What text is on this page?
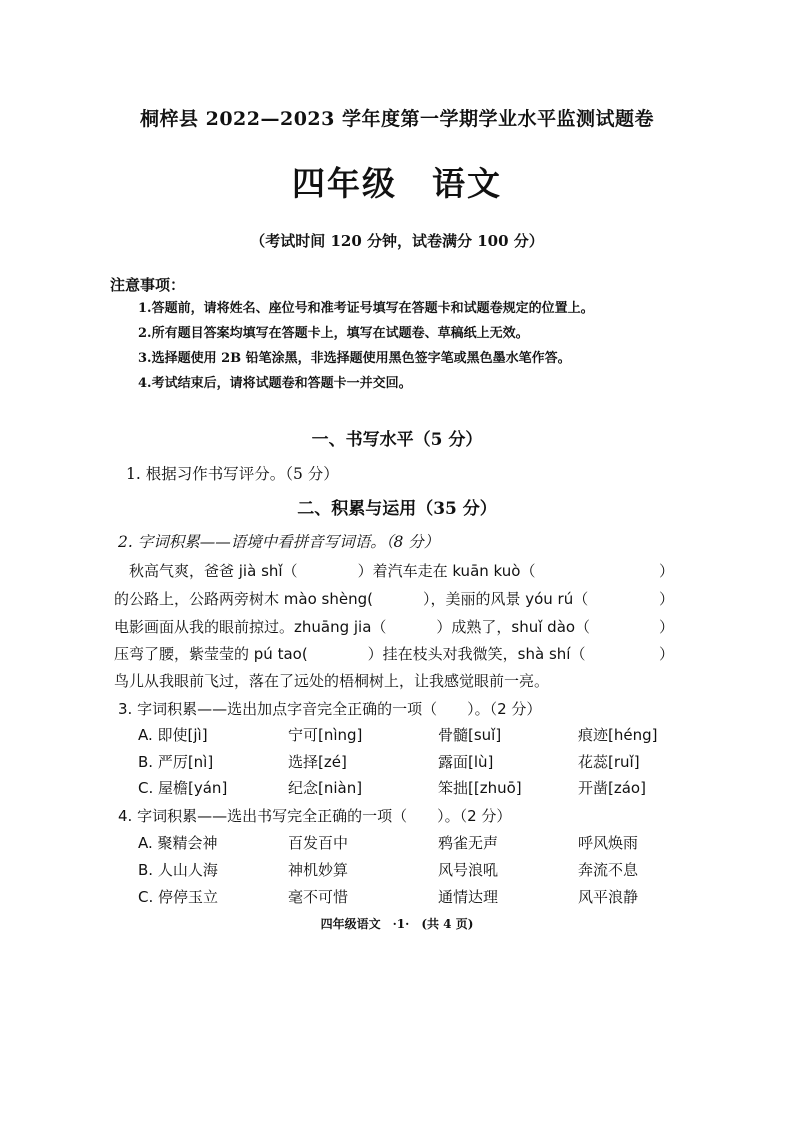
桐梓县 2022—2023 学年度第一学期学业水平监测试题卷
四年级　语文
（考试时间 120 分钟，试卷满分 100 分）
注意事项：
1.答题前，请将姓名、座位号和准考证号填写在答题卡和试题卷规定的位置上。
2.所有题目答案均填写在答题卡上，填写在试题卷、草稿纸上无效。
3.选择题使用 2B 铅笔涂黑，非选择题使用黑色签字笔或黑色墨水笔作答。
4.考试结束后，请将试题卷和答题卡一并交回。
一、书写水平（5 分）
1. 根据习作书写评分。（5 分）
二、积累与运用（35 分）
2. 字词积累——语境中看拼音写词语。（8 分）
　秋高气爽，爸爸 jià shǐ（	）着汽车走在 kuān kuò（	）
的公路上，公路两旁树木 mào shèng(	），美丽的风景 yóu rú（	）
电影画面从我的眼前掠过。zhuāng jia（	）成熟了，shuǐ dào（	）
压弯了腰，紫莹莹的 pú tao(	）挂在枝头对我微笑，shà shí（	）
鸟儿从我眼前飞过，落在了远处的梧桐树上，让我感觉眼前一亮。
3. 字词积累——选出加点字音完全正确的一项（　　）。（2 分）
A. 即使[jì]	宁可[nìng]	骨髓[suǐ]	痕迹[héng]
B. 严厉[nì]	选择[zé]	露面[lù]	花蕊[ruǐ]
C. 屋檐[yán]	纪念[niàn]	笨拙[[zhuō]	开凿[záo]
4. 字词积累——选出书写完全正确的一项（　　）。（2 分）
A. 聚精会神	百发百中	鸦雀无声	呼风焕雨
B. 人山人海	神机妙算	风号浪吼	奔流不息
C. 停停玉立	毫不可惜	通情达理	风平浪静
四年级语文　·1·　(共 4 页)
